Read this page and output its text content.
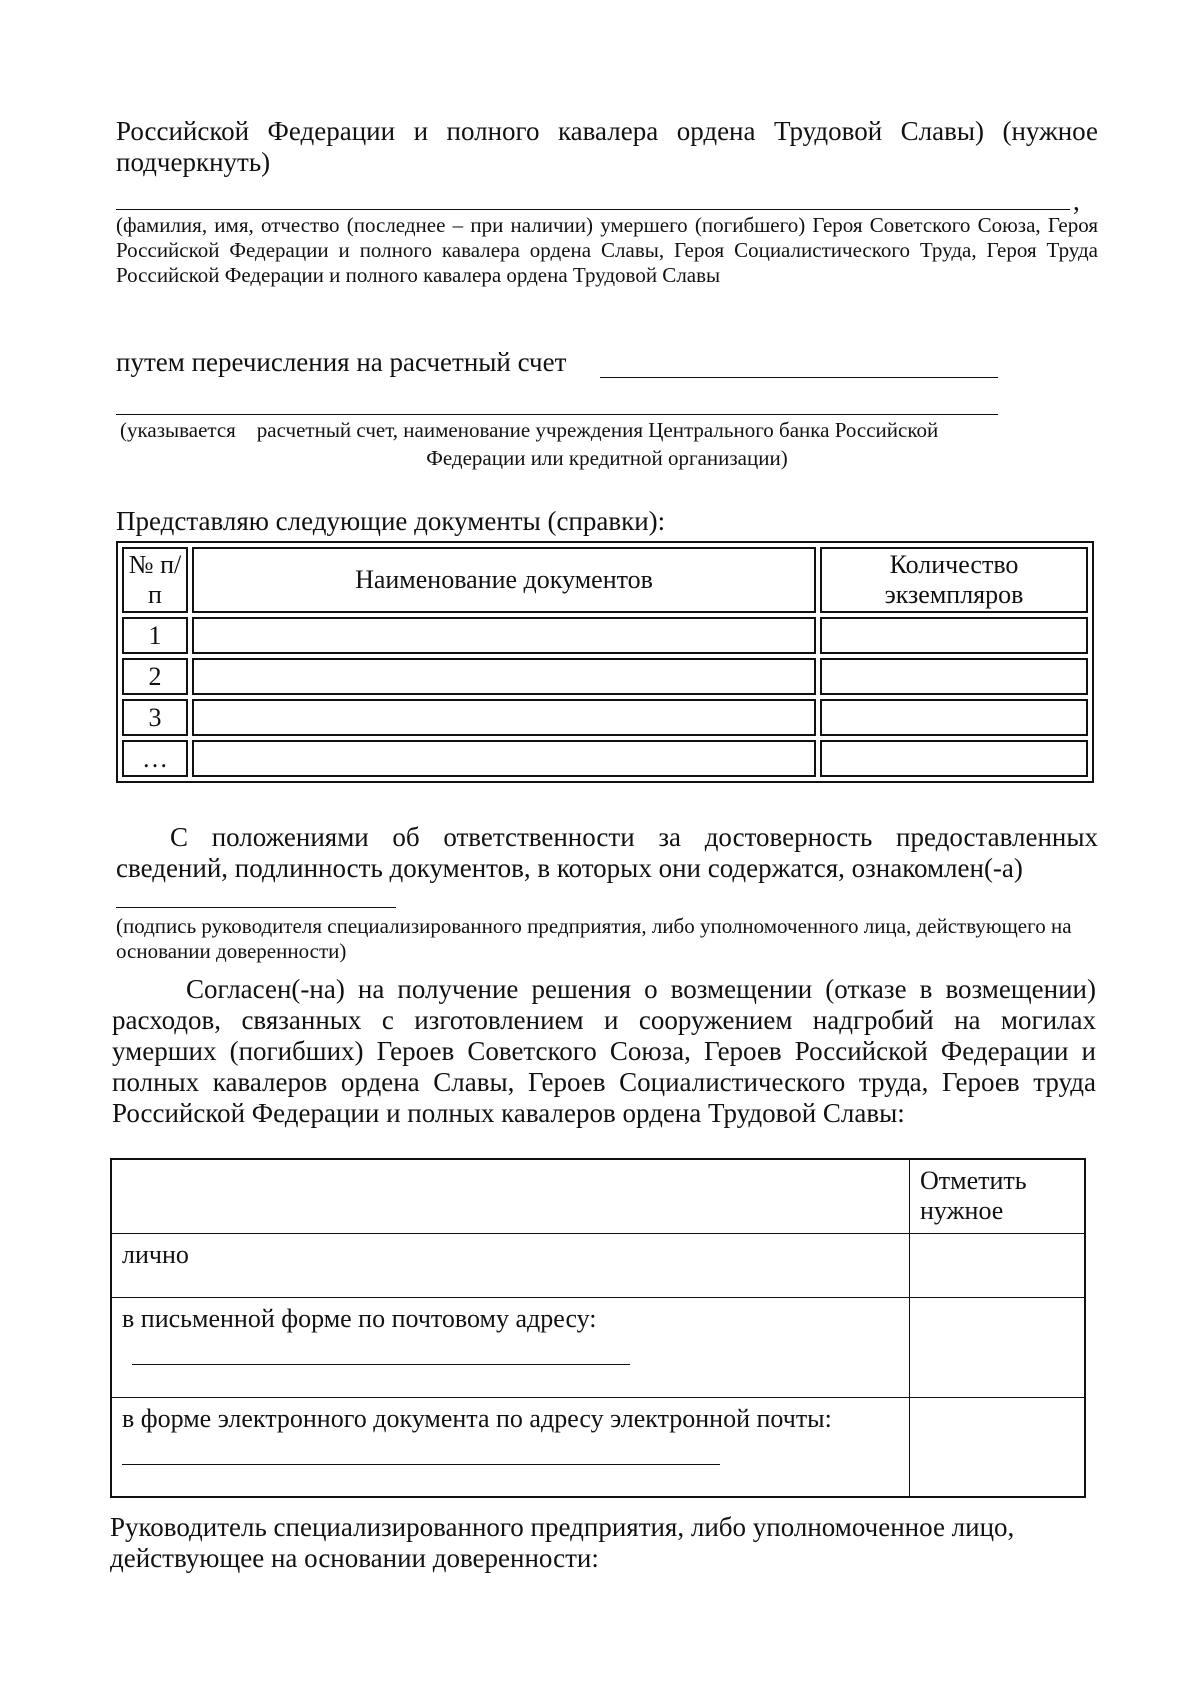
Российской Федерации и полного кавалера ордена Трудовой Славы) (нужное подчеркнуть)
,
(фамилия, имя, отчество (последнее – при наличии) умершего (погибшего) Героя Советского Союза, Героя Российской Федерации и полного кавалера ордена Славы, Героя Социалистического Труда, Героя Труда Российской Федерации и полного кавалера ордена Трудовой Славы
путем перечисления на расчетный счет
(указывается    расчетный счет, наименование учреждения Центрального банка Российской
Федерации или кредитной организации)
Представляю следующие документы (справки):
№ п/п	Наименование документов	Количество экземпляров
1		
2		
3		
…		
С положениями об ответственности за достоверность предоставленных сведений, подлинность документов, в которых они содержатся, ознакомлен(-а)
(подпись руководителя специализированного предприятия, либо уполномоченного лица, действующего на основании доверенности)
Согласен(-на) на получение решения о возмещении (отказе в возмещении) расходов, связанных с изготовлением и сооружением надгробий на могилах умерших (погибших) Героев Советского Союза, Героев Российской Федерации и полных кавалеров ордена Славы, Героев Социалистического труда, Героев труда Российской Федерации и полных кавалеров ордена Трудовой Славы:
	Отметить нужное
лично	
в письменной форме по почтовому адресу:

в форме электронного документа по адресу электронной почты:

Руководитель специализированного предприятия, либо уполномоченное лицо, действующее на основании доверенности:
